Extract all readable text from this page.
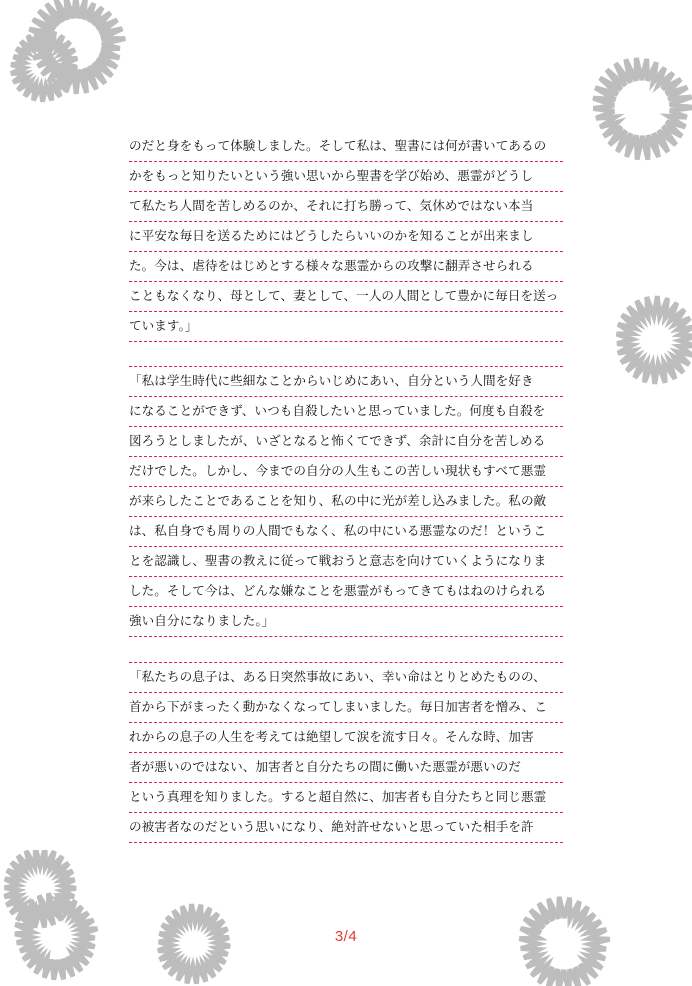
のだと身をもって体験しました。そして私は、聖書には何が書いてあるの
かをもっと知りたいという強い思いから聖書を学び始め、悪霊がどうし
て私たち人間を苦しめるのか、それに打ち勝って、気休めではない本当
に平安な毎日を送るためにはどうしたらいいのかを知ることが出来まし
た。今は、虐待をはじめとする様々な悪霊からの攻撃に翻弄させられる
こともなくなり、母として、妻として、一人の人間として豊かに毎日を送っ
ています。」
「私は学生時代に些細なことからいじめにあい、自分という人間を好き
になることができず、いつも自殺したいと思っていました。何度も自殺を
図ろうとしましたが、いざとなると怖くてできず、余計に自分を苦しめる
だけでした。しかし、今までの自分の人生もこの苦しい現状もすべて悪霊
が来らしたことであることを知り、私の中に光が差し込みました。私の敵
は、私自身でも周りの人間でもなく、私の中にいる悪霊なのだ！というこ
とを認識し、聖書の教えに従って戦おうと意志を向けていくようになりま
した。そして今は、どんな嫌なことを悪霊がもってきてもはねのけられる
強い自分になりました。」
「私たちの息子は、ある日突然事故にあい、幸い命はとりとめたものの、
首から下がまったく動かなくなってしまいました。毎日加害者を憎み、こ
れからの息子の人生を考えては絶望して涙を流す日々。そんな時、加害
者が悪いのではない、加害者と自分たちの間に働いた悪霊が悪いのだ
という真理を知りました。すると超自然に、加害者も自分たちと同じ悪霊
の被害者なのだという思いになり、絶対許せないと思っていた相手を許
3/4
